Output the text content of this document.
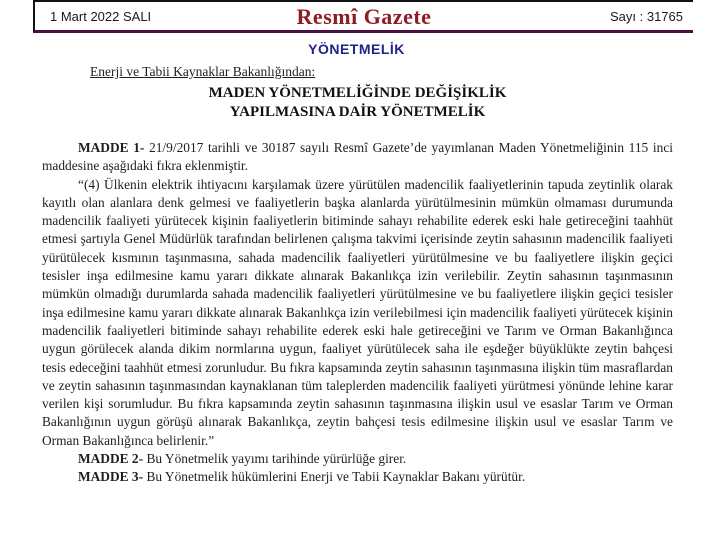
1 Mart 2022 SALI	Resmî Gazete	Sayı : 31765
YÖNETMELİK
Enerji ve Tabii Kaynaklar Bakanlığından:
MADEN YÖNETMELİĞİNDE DEĞİŞİKLİK
YAPILMASINA DAİR YÖNETMELİK

MADDE 1- 21/9/2017 tarihli ve 30187 sayılı Resmî Gazete’de yayımlanan Maden Yönetmeliğinin 115 inci maddesine aşağıdaki fıkra eklenmiştir.

“(4) Ülkenin elektrik ihtiyacını karşılamak üzere yürütülen madencilik faaliyetlerinin tapuda zeytinlik olarak kayıtlı olan alanlara denk gelmesi ve faaliyetlerin başka alanlarda yürütülmesinin mümkün olmaması durumunda madencilik faaliyeti yürütecek kişinin faaliyetlerin bitiminde sahayı rehabilite ederek eski hale getireceğini taahhüt etmesi şartıyla Genel Müdürlük tarafından belirlenen çalışma takvimi içerisinde zeytin sahasının madencilik faaliyeti yürütülecek kısmının taşınmasına, sahada madencilik faaliyetleri yürütülmesine ve bu faaliyetlere ilişkin geçici tesisler inşa edilmesine kamu yararı dikkate alınarak Bakanlıkça izin verilebilir. Zeytin sahasının taşınmasının mümkün olmadığı durumlarda sahada madencilik faaliyetleri yürütülmesine ve bu faaliyetlere ilişkin geçici tesisler inşa edilmesine kamu yararı dikkate alınarak Bakanlıkça izin verilebilmesi için madencilik faaliyeti yürütecek kişinin madencilik faaliyetleri bitiminde sahayı rehabilite ederek eski hale getireceğini ve Tarım ve Orman Bakanlığınca uygun görülecek alanda dikim normlarına uygun, faaliyet yürütülecek saha ile eşdeğer büyüklükte zeytin bahçesi tesis edeceğini taahhüt etmesi zorunludur. Bu fıkra kapsamında zeytin sahasının taşınmasına ilişkin tüm masraflardan ve zeytin sahasının taşınmasından kaynaklanan tüm taleplerden madencilik faaliyeti yürütmesi yönünde lehine karar verilen kişi sorumludur. Bu fıkra kapsamında zeytin sahasının taşınmasına ilişkin usul ve esaslar Tarım ve Orman Bakanlığının uygun görüşü alınarak Bakanlıkça, zeytin bahçesi tesis edilmesine ilişkin usul ve esaslar Tarım ve Orman Bakanlığınca belirlenir.”

MADDE 2- Bu Yönetmelik yayımı tarihinde yürürlüğe girer.

MADDE 3- Bu Yönetmelik hükümlerini Enerji ve Tabii Kaynaklar Bakanı yürütür.
